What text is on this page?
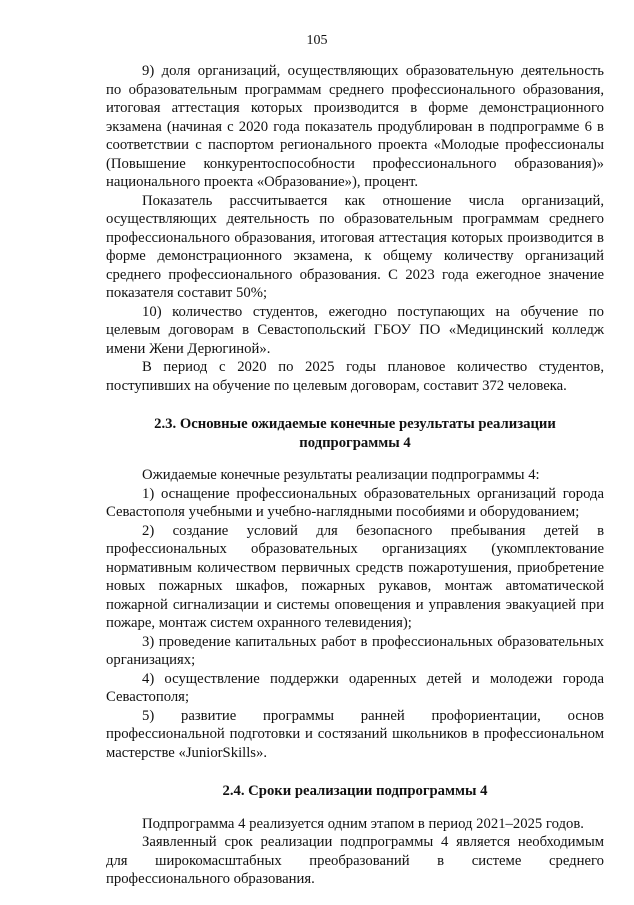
105

9) доля организаций, осуществляющих образовательную деятельность по образовательным программам среднего профессионального образования, итоговая аттестация которых производится в форме демонстрационного экзамена (начиная с 2020 года показатель продублирован в подпрограмме 6 в соответствии с паспортом регионального проекта «Молодые профессионалы (Повышение конкурентоспособности профессионального образования)» национального проекта «Образование»), процент.

Показатель рассчитывается как отношение числа организаций, осуществляющих деятельность по образовательным программам среднего профессионального образования, итоговая аттестация которых производится в форме демонстрационного экзамена, к общему количеству организаций среднего профессионального образования. С 2023 года ежегодное значение показателя составит 50%;

10) количество студентов, ежегодно поступающих на обучение по целевым договорам в Севастопольский ГБОУ ПО «Медицинский колледж имени Жени Дерюгиной».

В период с 2020 по 2025 годы плановое количество студентов, поступивших на обучение по целевым договорам, составит 372 человека.

2.3. Основные ожидаемые конечные результаты реализации
подпрограммы 4

Ожидаемые конечные результаты реализации подпрограммы 4:

1) оснащение профессиональных образовательных организаций города Севастополя учебными и учебно-наглядными пособиями и оборудованием;

2) создание условий для безопасного пребывания детей в профессиональных образовательных организациях (укомплектование нормативным количеством первичных средств пожаротушения, приобретение новых пожарных шкафов, пожарных рукавов, монтаж автоматической пожарной сигнализации и системы оповещения и управления эвакуацией при пожаре, монтаж систем охранного телевидения);

3) проведение капитальных работ в профессиональных образовательных организациях;

4) осуществление поддержки одаренных детей и молодежи города Севастополя;

5) развитие программы ранней профориентации, основ профессиональной подготовки и состязаний школьников в профессиональном мастерстве «JuniorSkills».

2.4. Сроки реализации подпрограммы 4

Подпрограмма 4 реализуется одним этапом в период 2021–2025 годов.

Заявленный срок реализации подпрограммы 4 является необходимым для широкомасштабных преобразований в системе среднего профессионального образования.
